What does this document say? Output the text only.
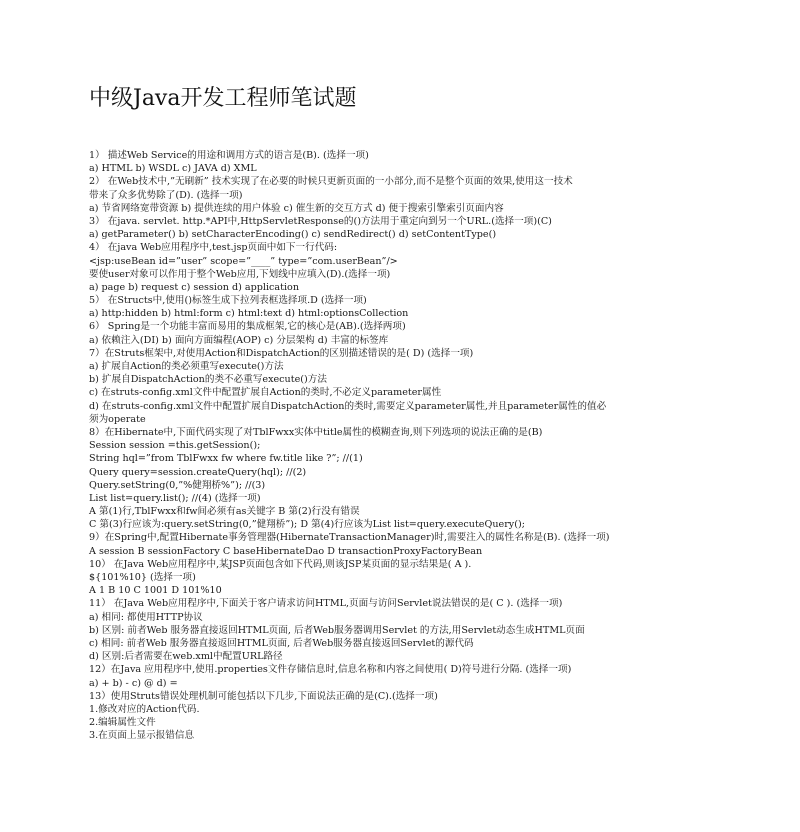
中级Java开发工程师笔试题
1） 描述Web Service的用途和调用方式的语言是(B). (选择一项)
a) HTML b) WSDL c) JAVA d) XML
2） 在Web技术中,”无刷新” 技术实现了在必要的时候只更新页面的一小部分,而不是整个页面的效果,使用这一技术
带来了众多优势除了(D). (选择一项)
a) 节省网络宽带资源 b) 提供连续的用户体验 c) 催生新的交互方式 d) 便于搜索引擎索引页面内容
3） 在java. servlet. http.*API中,HttpServletResponse的()方法用于重定向到另一个URL.(选择一项)(C)
a) getParameter() b) setCharacterEncoding() c) sendRedirect() d) setContentType()
4） 在java Web应用程序中,test.jsp页面中如下一行代码:
<jsp:useBean id=”user” scope=”____” type=”com.userBean”/>
要使user对象可以作用于整个Web应用,下划线中应填入(D).(选择一项)
a) page b) request c) session d) application
5） 在Structs中,使用()标签生成下拉列表框选择项.D (选择一项)
a) http:hidden b) html:form c) html:text d) html:optionsCollection
6） Spring是一个功能丰富而易用的集成框架,它的核心是(AB).(选择两项)
a) 依赖注入(DI) b) 面向方面编程(AOP) c) 分层架构 d) 丰富的标签库
7）在Struts框架中,对使用Action和DispatchAction的区别描述错误的是( D) (选择一项)
a) 扩展自Action的类必须重写execute()方法
b) 扩展自DispatchAction的类不必重写execute()方法
c) 在struts-config.xml文件中配置扩展自Action的类时,不必定义parameter属性
d) 在struts-config.xml文件中配置扩展自DispatchAction的类时,需要定义parameter属性,并且parameter属性的值必
须为operate
8）在Hibernate中,下面代码实现了对TblFwxx实体中title属性的模糊查询,则下列选项的说法正确的是(B)
Session session =this.getSession();
String hql=”from TblFwxx fw where fw.title like ?”; //(1)
Query query=session.createQuery(hql); //(2)
Query.setString(0,”%健翔桥%”); //(3)
List list=query.list(); //(4) (选择一项)
A 第(1)行,TblFwxx和fw间必须有as关键字 B 第(2)行没有错误
C 第(3)行应该为:query.setString(0,”健翔桥”); D 第(4)行应该为List list=query.executeQuery();
9）在Spring中,配置Hibernate事务管理器(HibernateTransactionManager)时,需要注入的属性名称是(B). (选择一项)
A session B sessionFactory C baseHibernateDao D transactionProxyFactoryBean
10） 在Java Web应用程序中,某JSP页面包含如下代码,则该JSP某页面的显示结果是( A ).
${101%10} (选择一项)
A 1 B 10 C 1001 D 101%10
11） 在Java Web应用程序中,下面关于客户请求访问HTML,页面与访问Servlet说法错误的是( C ). (选择一项)
a) 相同: 都使用HTTP协议
b) 区别: 前者Web 服务器直接返回HTML页面, 后者Web服务器调用Servlet 的方法,用Servlet动态生成HTML页面
c) 相同: 前者Web 服务器直接返回HTML页面, 后者Web服务器直接返回Servlet的源代码
d) 区别:后者需要在web.xml中配置URL路径
12）在Java 应用程序中,使用.properties文件存储信息时,信息名称和内容之间使用( D)符号进行分隔. (选择一项)
a) + b) - c) @ d) =
13）使用Struts错误处理机制可能包括以下几步,下面说法正确的是(C).(选择一项)
1.修改对应的Action代码.
2.编辑属性文件
3.在页面上显示报错信息
